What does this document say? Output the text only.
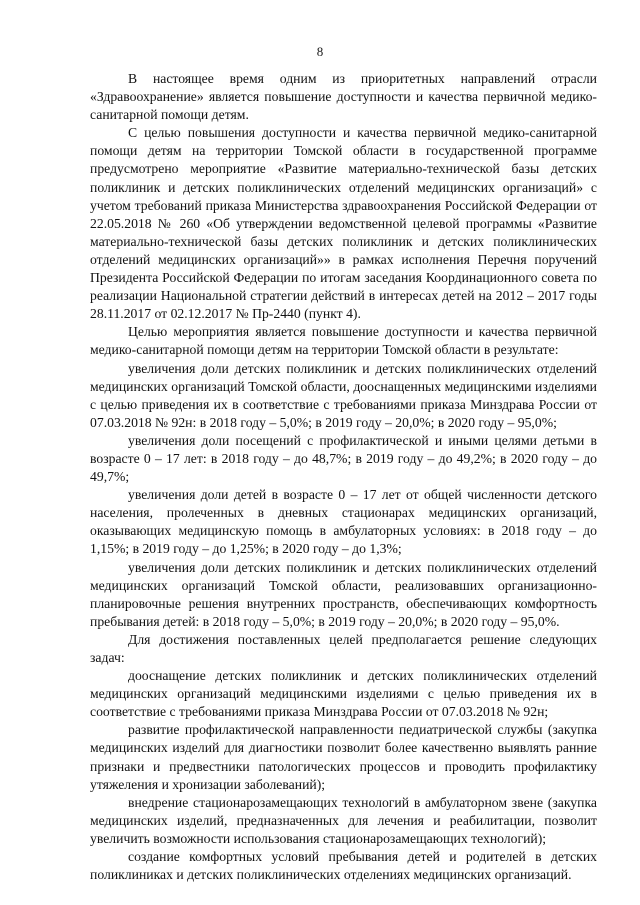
8

В настоящее время одним из приоритетных направлений отрасли «Здравоохранение» является повышение доступности и качества первичной медико-санитарной помощи детям.

С целью повышения доступности и качества первичной медико-санитарной помощи детям на территории Томской области в государственной программе предусмотрено мероприятие «Развитие материально-технической базы детских поликлиник и детских поликлинических отделений медицинских организаций» с учетом требований приказа Министерства здравоохранения Российской Федерации от 22.05.2018 № 260 «Об утверждении ведомственной целевой программы «Развитие материально-технической базы детских поликлиник и детских поликлинических отделений медицинских организаций»» в рамках исполнения Перечня поручений Президента Российской Федерации по итогам заседания Координационного совета по реализации Национальной стратегии действий в интересах детей на 2012 – 2017 годы 28.11.2017 от 02.12.2017 № Пр-2440 (пункт 4).

Целью мероприятия является повышение доступности и качества первичной медико-санитарной помощи детям на территории Томской области в результате:

увеличения доли детских поликлиник и детских поликлинических отделений медицинских организаций Томской области, дооснащенных медицинскими изделиями с целью приведения их в соответствие с требованиями приказа Минздрава России от 07.03.2018 № 92н: в 2018 году – 5,0%; в 2019 году – 20,0%; в 2020 году – 95,0%;

увеличения доли посещений с профилактической и иными целями детьми в возрасте 0 – 17 лет: в 2018 году – до 48,7%; в 2019 году – до 49,2%; в 2020 году – до 49,7%;

увеличения доли детей в возрасте 0 – 17 лет от общей численности детского населения, пролеченных в дневных стационарах медицинских организаций, оказывающих медицинскую помощь в амбулаторных условиях: в 2018 году – до 1,15%; в 2019 году – до 1,25%; в 2020 году – до 1,3%;

увеличения доли детских поликлиник и детских поликлинических отделений медицинских организаций Томской области, реализовавших организационно-планировочные решения внутренних пространств, обеспечивающих комфортность пребывания детей: в 2018 году – 5,0%; в 2019 году – 20,0%; в 2020 году – 95,0%.

Для достижения поставленных целей предполагается решение следующих задач:

дооснащение детских поликлиник и детских поликлинических отделений медицинских организаций медицинскими изделиями с целью приведения их в соответствие с требованиями приказа Минздрава России от 07.03.2018 № 92н;

развитие профилактической направленности педиатрической службы (закупка медицинских изделий для диагностики позволит более качественно выявлять ранние признаки и предвестники патологических процессов и проводить профилактику утяжеления и хронизации заболеваний);

внедрение стационарозамещающих технологий в амбулаторном звене (закупка медицинских изделий, предназначенных для лечения и реабилитации, позволит увеличить возможности использования стационарозамещающих технологий);

создание комфортных условий пребывания детей и родителей в детских поликлиниках и детских поликлинических отделениях медицинских организаций.
